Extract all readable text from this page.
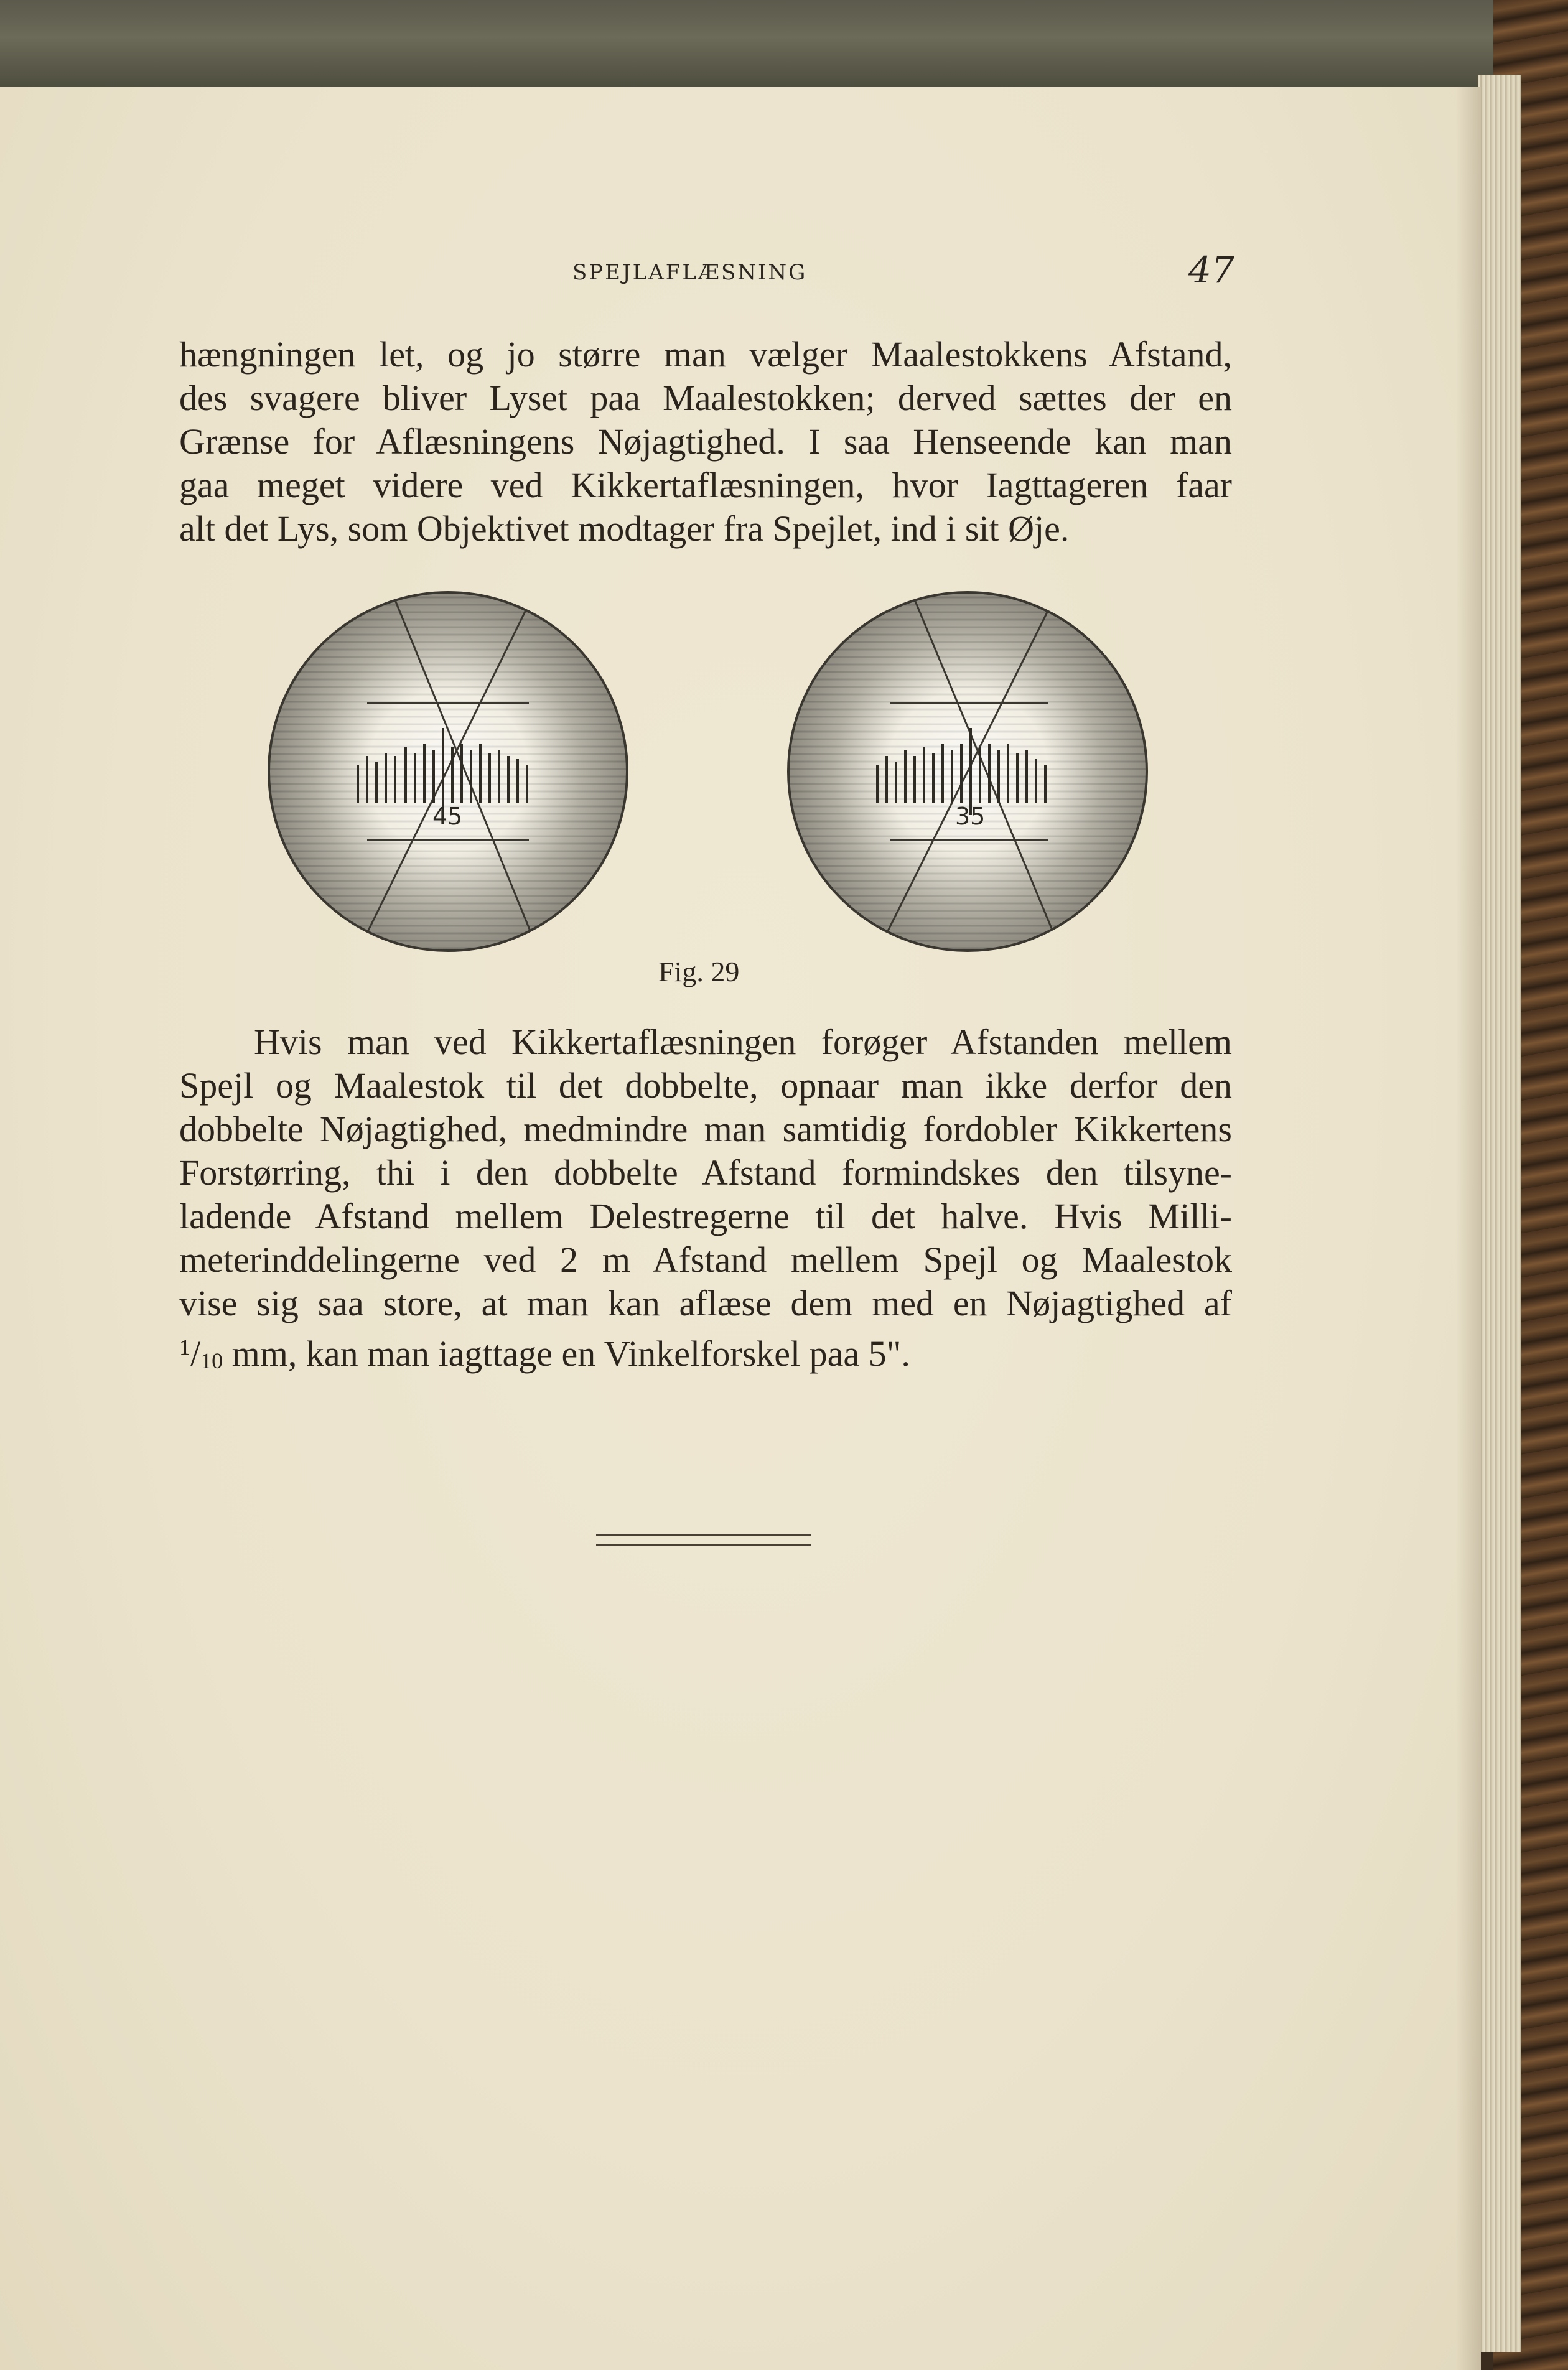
SPEJLAFLÆSNING	47
hængningen let, og jo større man vælger Maalestokkens Afstand,
des svagere bliver Lyset paa Maalestokken; derved sættes der en
Grænse for Aflæsningens Nøjagtighed. I saa Henseende kan man
gaa meget videre ved Kikkertaflæsningen, hvor Iagttageren faar
alt det Lys, som Objektivet modtager fra Spejlet, ind i sit Øje.
45	35
Fig. 29
Hvis man ved Kikkertaflæsningen forøger Afstanden mellem
Spejl og Maalestok til det dobbelte, opnaar man ikke derfor den
dobbelte Nøjagtighed, medmindre man samtidig fordobler Kikkertens
Forstørring, thi i den dobbelte Afstand formindskes den tilsyne-
ladende Afstand mellem Delestregerne til det halve. Hvis Milli-
meterinddelingerne ved 2 m Afstand mellem Spejl og Maalestok
vise sig saa store, at man kan aflæse dem med en Nøjagtighed af
$^1/_{10}$ mm, kan man iagttage en Vinkelforskel paa 5".
